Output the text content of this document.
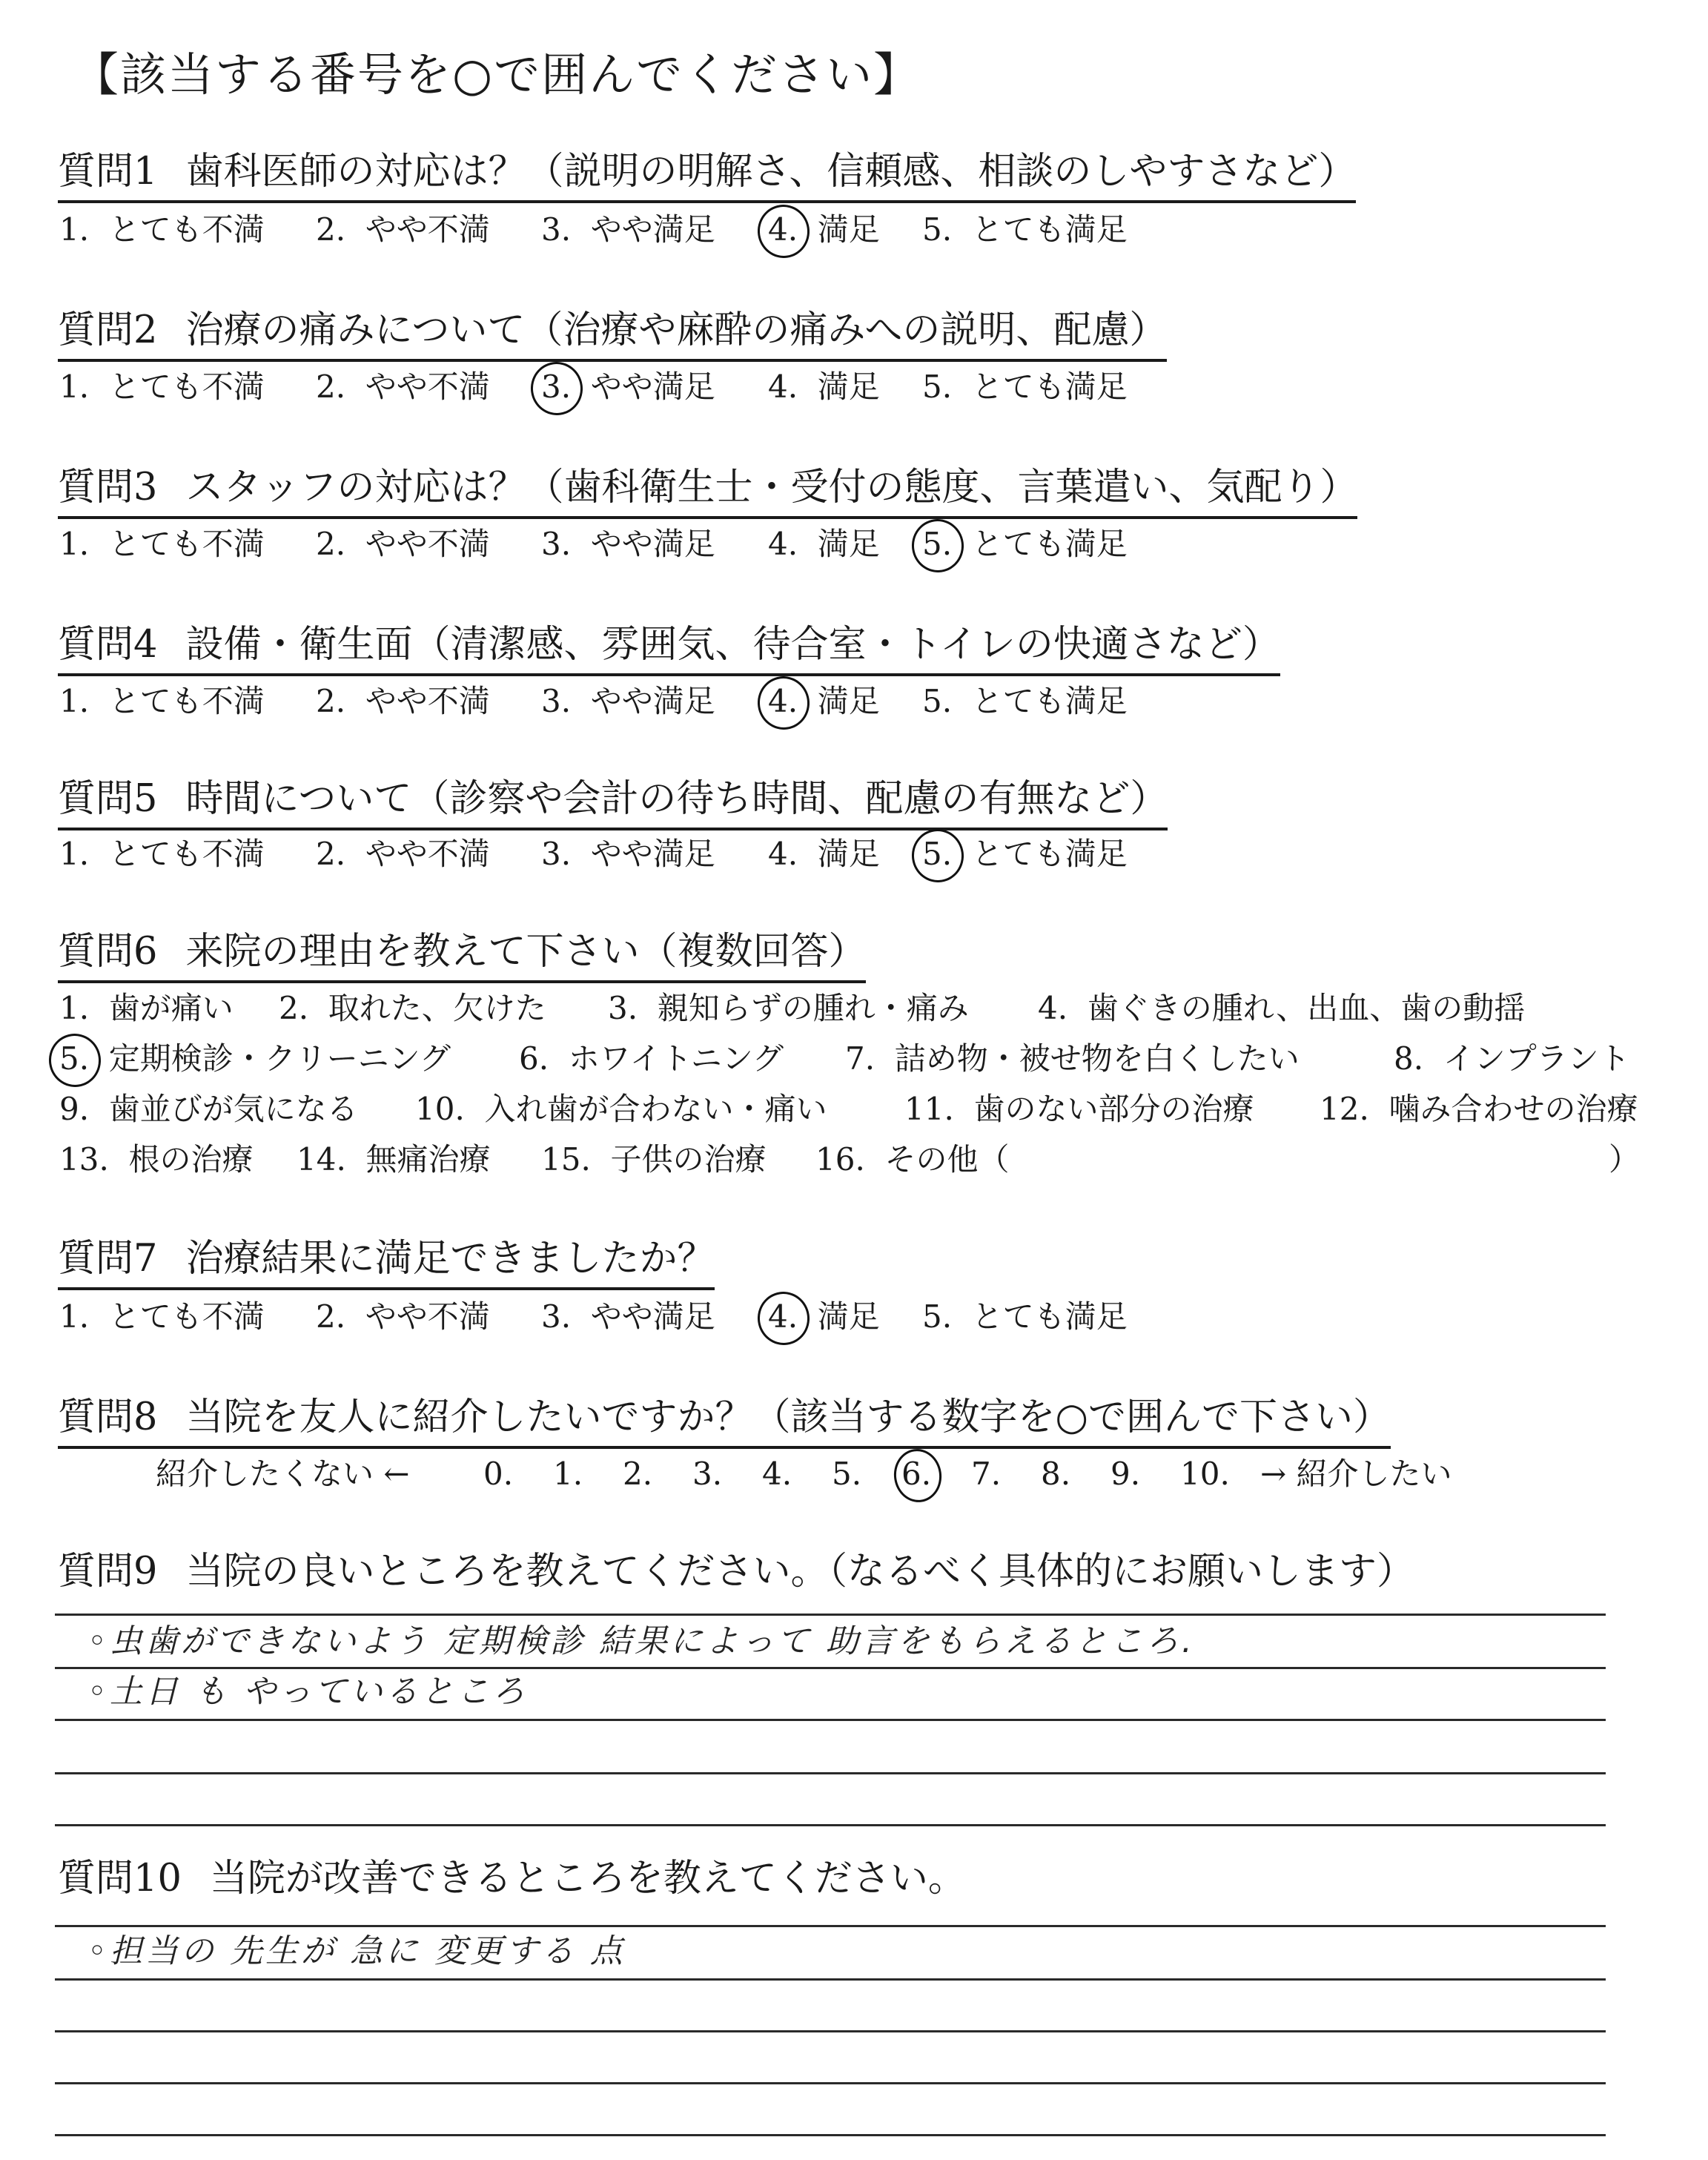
【該当する番号を○で囲んでください】
質問1 歯科医師の対応は？（説明の明解さ、信頼感、相談のしやすさなど）
1. とても不満 2. やや不満 3. やや満足 4. 満足 5. とても満足
質問2 治療の痛みについて（治療や麻酔の痛みへの説明、配慮）
1. とても不満 2. やや不満 3. やや満足 4. 満足 5. とても満足
質問3 スタッフの対応は？（歯科衛生士・受付の態度、言葉遣い、気配り）
1. とても不満 2. やや不満 3. やや満足 4. 満足 5. とても満足
質問4 設備・衛生面（清潔感、雰囲気、待合室・トイレの快適さなど）
1. とても不満 2. やや不満 3. やや満足 4. 満足 5. とても満足
質問5 時間について（診察や会計の待ち時間、配慮の有無など）
1. とても不満 2. やや不満 3. やや満足 4. 満足 5. とても満足
質問6 来院の理由を教えて下さい（複数回答）
1. 歯が痛い 2. 取れた、欠けた 3. 親知らずの腫れ・痛み 4. 歯ぐきの腫れ、出血、歯の動揺
5. 定期検診・クリーニング 6. ホワイトニング 7. 詰め物・被せ物を白くしたい	8. インプラント
9. 歯並びが気になる 10. 入れ歯が合わない・痛い 11. 歯のない部分の治療 12. 噛み合わせの治療
13. 根の治療 14. 無痛治療 15. 子供の治療 16. その他（	）
質問7 治療結果に満足できましたか？
1. とても不満 2. やや不満 3. やや満足 4. 満足 5. とても満足
質問8 当院を友人に紹介したいですか？（該当する数字を○で囲んで下さい）
紹介したくない ← 0. 1. 2. 3. 4. 5. 6. 7. 8. 9. 10. → 紹介したい
質問9 当院の良いところを教えてください。（なるべく具体的にお願いします）
◦虫歯ができないよう 定期検診 結果によって 助言をもらえるところ.
◦土日 も やっているところ
質問10 当院が改善できるところを教えてください。
◦担当の 先生が 急に 変更する 点
